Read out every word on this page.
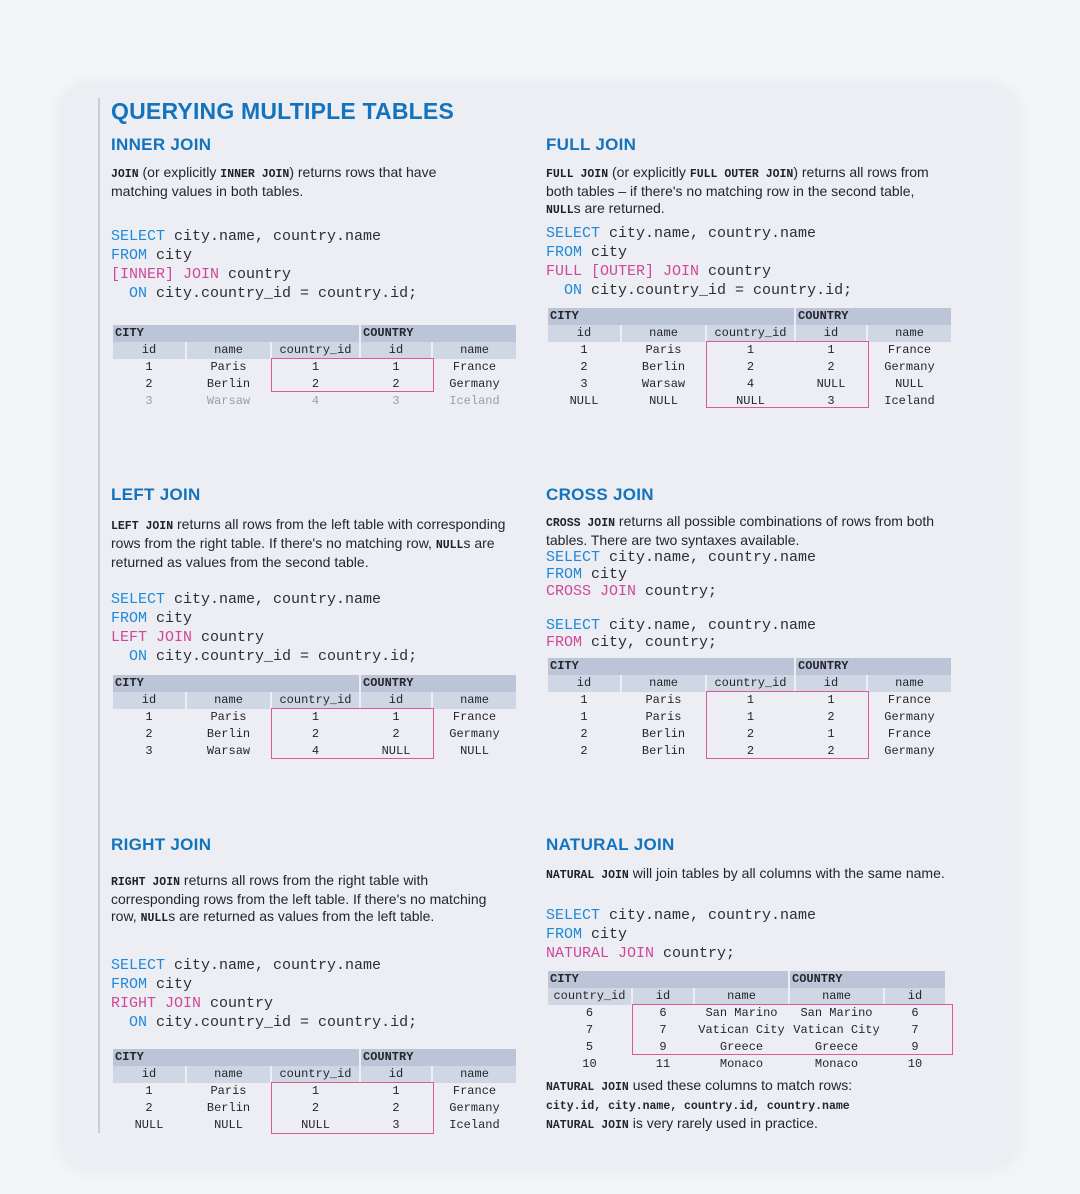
QUERYING MULTIPLE TABLES
INNER JOIN

JOIN (or explicitly INNER JOIN) returns rows that have matching values in both tables.

SELECT city.name, country.name
FROM city
[INNER] JOIN country
ON city.country_id = country.id;
CITY			COUNTRY	
id	name	country_id	id	name
1	Paris	1	1	France
2	Berlin	2	2	Germany
3	Warsaw	4	3	Iceland
FULL JOIN

FULL JOIN (or explicitly FULL OUTER JOIN) returns all rows from both tables – if there's no matching row in the second table, NULLs are returned.

SELECT city.name, country.name
FROM city
FULL [OUTER] JOIN country
ON city.country_id = country.id;
CITY			COUNTRY	
id	name	country_id	id	name
1	Paris	1	1	France
2	Berlin	2	2	Germany
3	Warsaw	4	NULL	NULL
NULL	NULL	NULL	3	Iceland
LEFT JOIN

LEFT JOIN returns all rows from the left table with corresponding rows from the right table. If there's no matching row, NULLs are returned as values from the second table.

SELECT city.name, country.name
FROM city
LEFT JOIN country
ON city.country_id = country.id;
CITY			COUNTRY	
id	name	country_id	id	name
1	Paris	1	1	France
2	Berlin	2	2	Germany
3	Warsaw	4	NULL	NULL
CROSS JOIN

CROSS JOIN returns all possible combinations of rows from both tables. There are two syntaxes available.

SELECT city.name, country.name
FROM city
CROSS JOIN country;
SELECT city.name, country.name
FROM city, country;
CITY			COUNTRY	
id	name	country_id	id	name
1	Paris	1	1	France
1	Paris	1	2	Germany
2	Berlin	2	1	France
2	Berlin	2	2	Germany
RIGHT JOIN

RIGHT JOIN returns all rows from the right table with corresponding rows from the left table. If there's no matching row, NULLs are returned as values from the left table.

SELECT city.name, country.name
FROM city
RIGHT JOIN country
ON city.country_id = country.id;
CITY			COUNTRY	
id	name	country_id	id	name
1	Paris	1	1	France
2	Berlin	2	2	Germany
NULL	NULL	NULL	3	Iceland
NATURAL JOIN

NATURAL JOIN will join tables by all columns with the same name.

SELECT city.name, country.name
FROM city
NATURAL JOIN country;
CITY			COUNTRY	
country_id	id	name	name	id
6	6	San Marino	San Marino	6
7	7	Vatican City	Vatican City	7
5	9	Greece	Greece	9
10	11	Monaco	Monaco	10

NATURAL JOIN used these columns to match rows:
city.id, city.name, country.id, country.name
NATURAL JOIN is very rarely used in practice.
